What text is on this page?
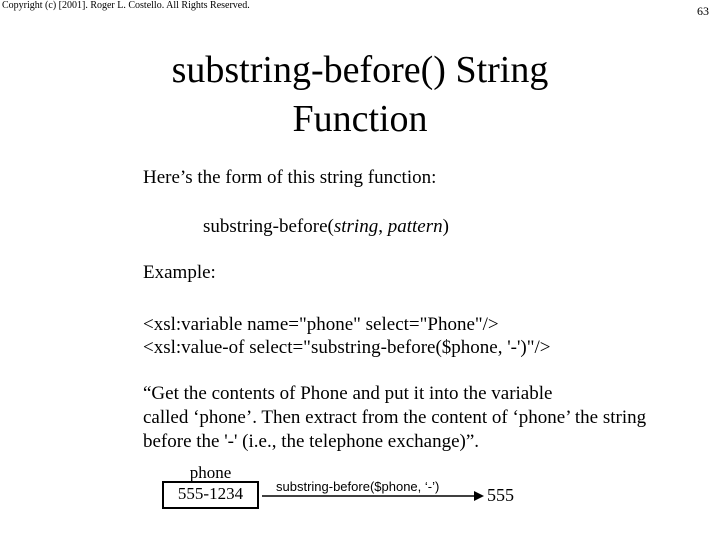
Copyright (c) [2001]. Roger L. Costello. All Rights Reserved.	63
substring-before() String
Function
Here’s the form of this string function:
substring-before(string, pattern)
Example:
<xsl:variable name="phone" select="Phone"/>
<xsl:value-of select="substring-before($phone, '-')"/>
“Get the contents of Phone and put it into the variable
called ‘phone’. Then extract from the content of ‘phone’ the string
before the '-' (i.e., the telephone exchange)”.
phone
555-1234	substring-before($phone, ‘-’)	555
